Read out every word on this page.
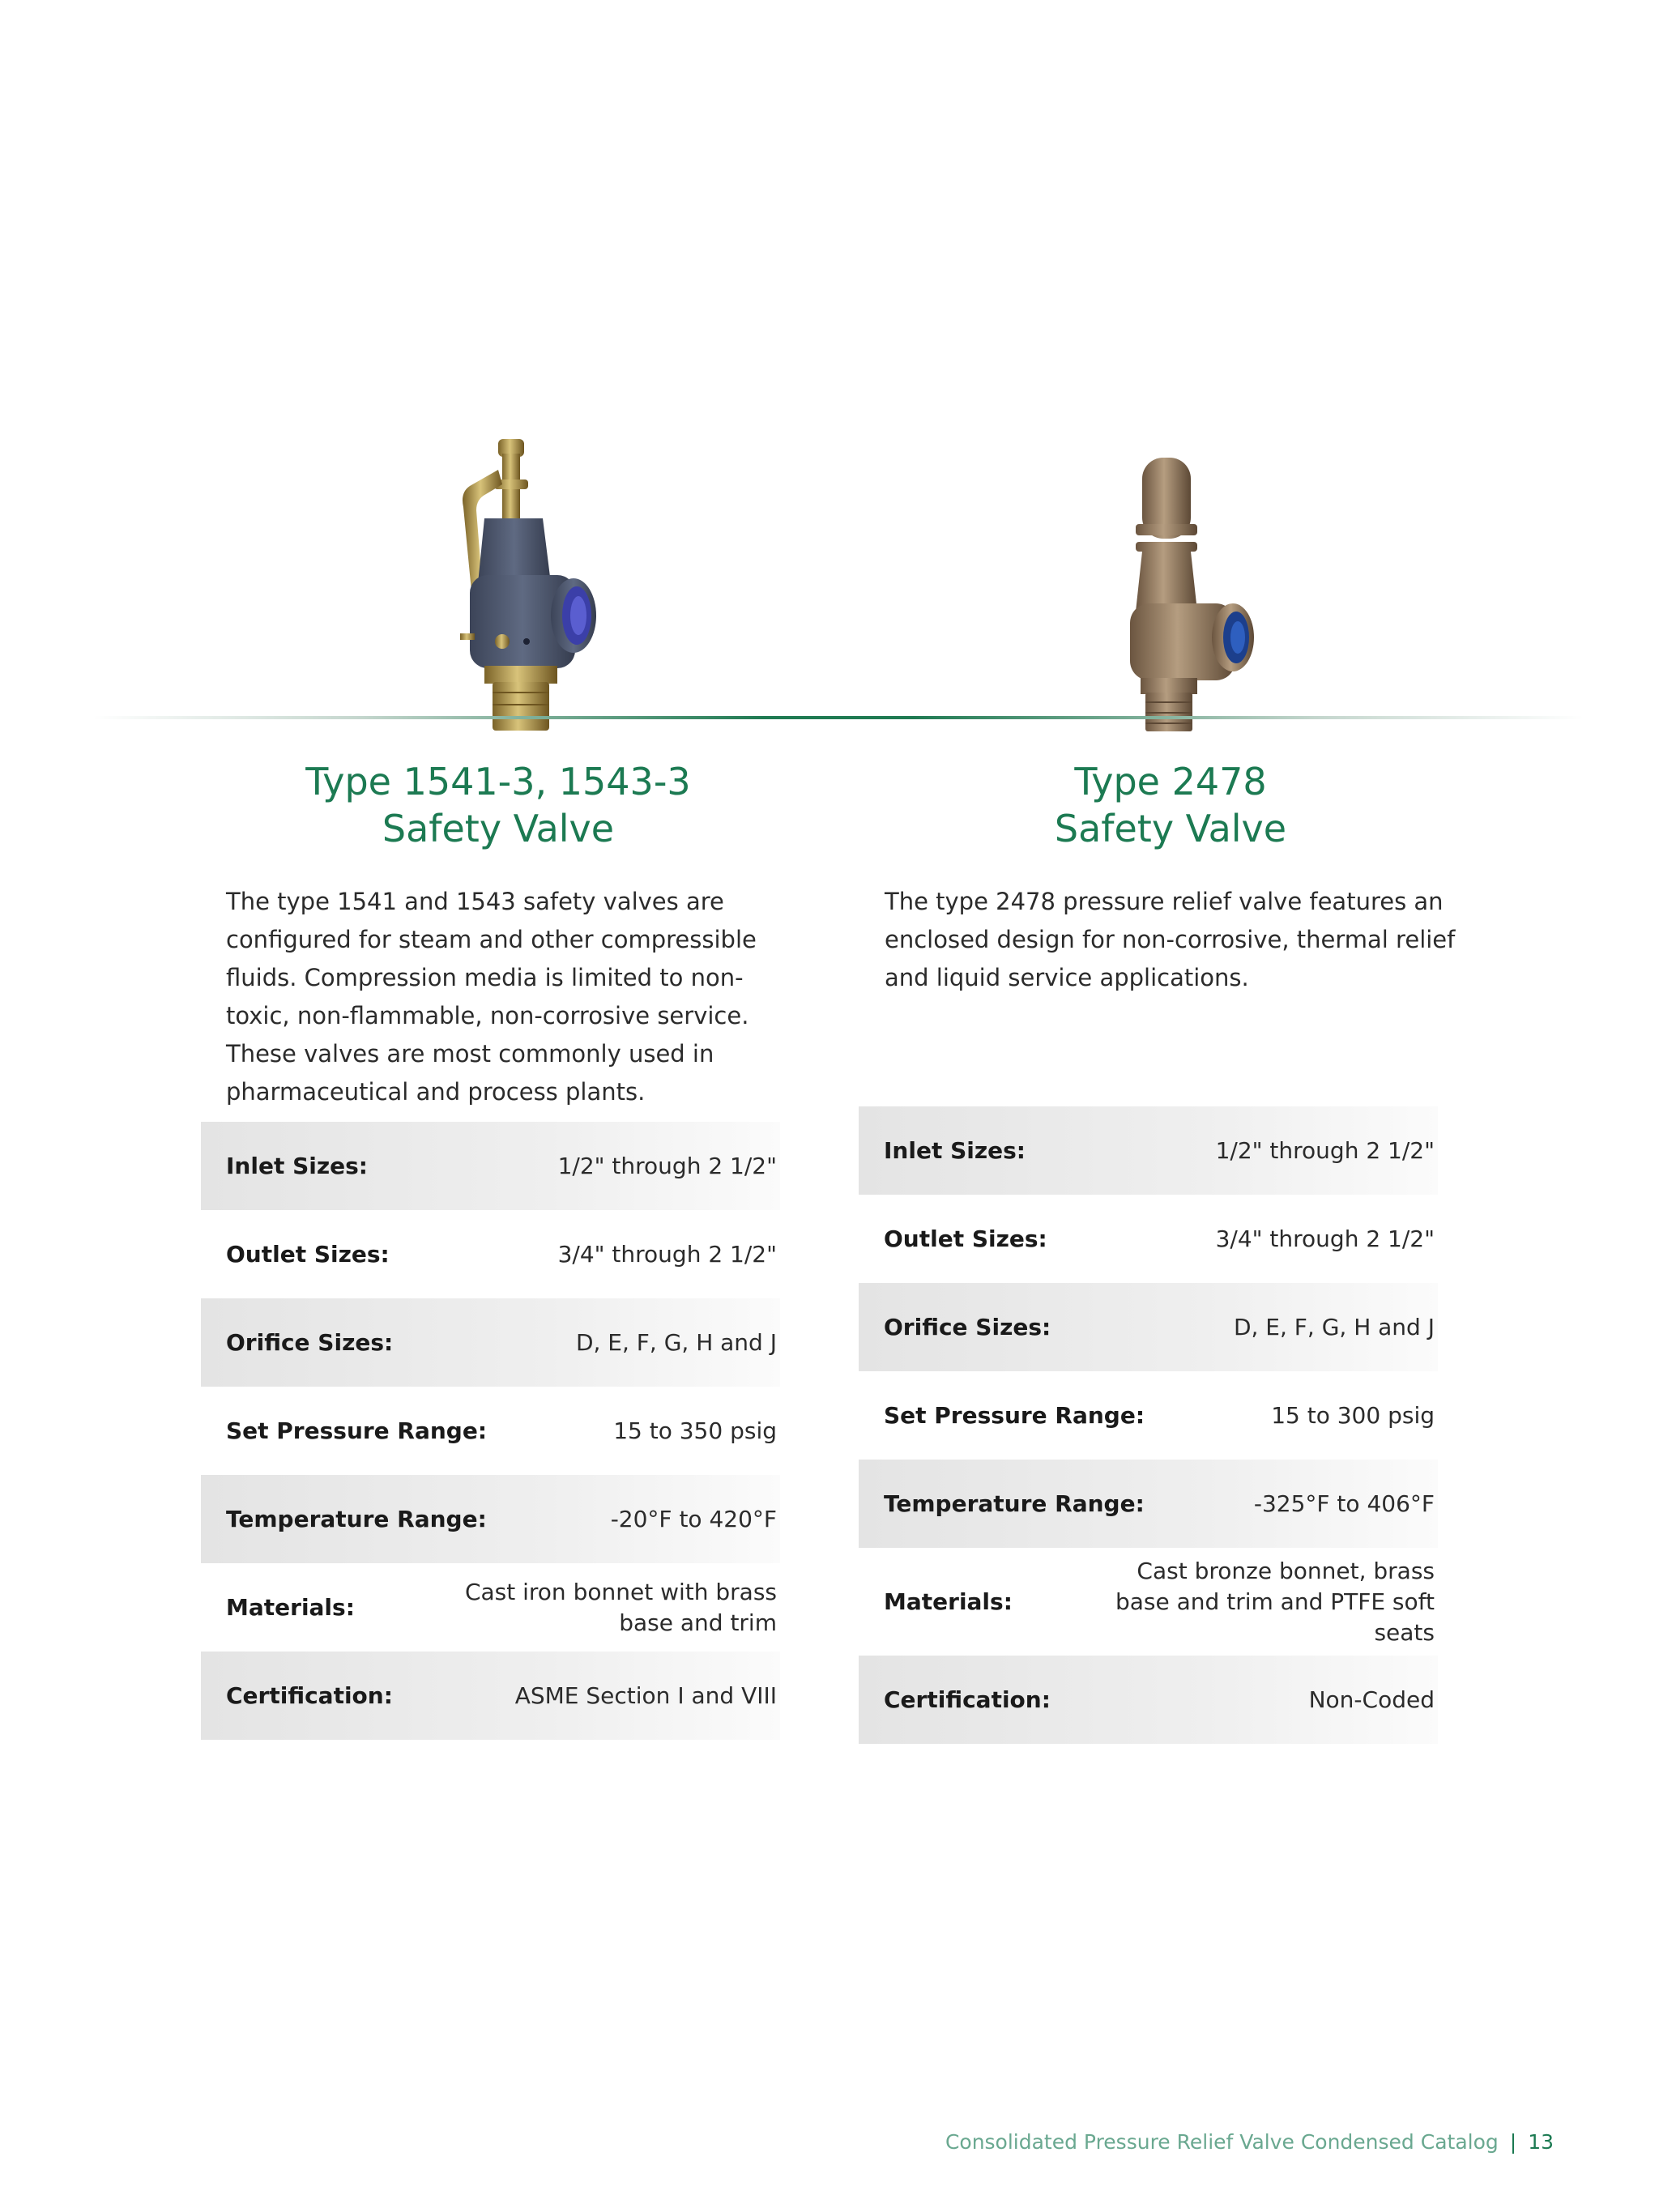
Type 1541-3, 1543-3
Safety Valve

The type 1541 and 1543 safety valves are configured for steam and other compressible fluids. Compression media is limited to non-toxic, non-flammable, non-corrosive service. These valves are most commonly used in pharmaceutical and process plants.

Inlet Sizes:	1/2" through 2 1/2"
Outlet Sizes:	3/4" through 2 1/2"
Orifice Sizes:	D, E, F, G, H and J
Set Pressure Range:	15 to 350 psig
Temperature Range:	-20°F to 420°F
Materials:
Cast iron bonnet with brass base and trim
Certification:	ASME Section I and VIII
Type 2478
Safety Valve

The type 2478 pressure relief valve features an enclosed design for non-corrosive, thermal relief and liquid service applications.

Inlet Sizes:	1/2" through 2 1/2"
Outlet Sizes:	3/4" through 2 1/2"
Orifice Sizes:	D, E, F, G, H and J
Set Pressure Range:	15 to 300 psig
Temperature Range:	-325°F to 406°F
Materials:
Cast bronze bonnet, brass base and trim and PTFE soft seats
Certification:	Non-Coded
Consolidated Pressure Relief Valve Condensed Catalog | 13
